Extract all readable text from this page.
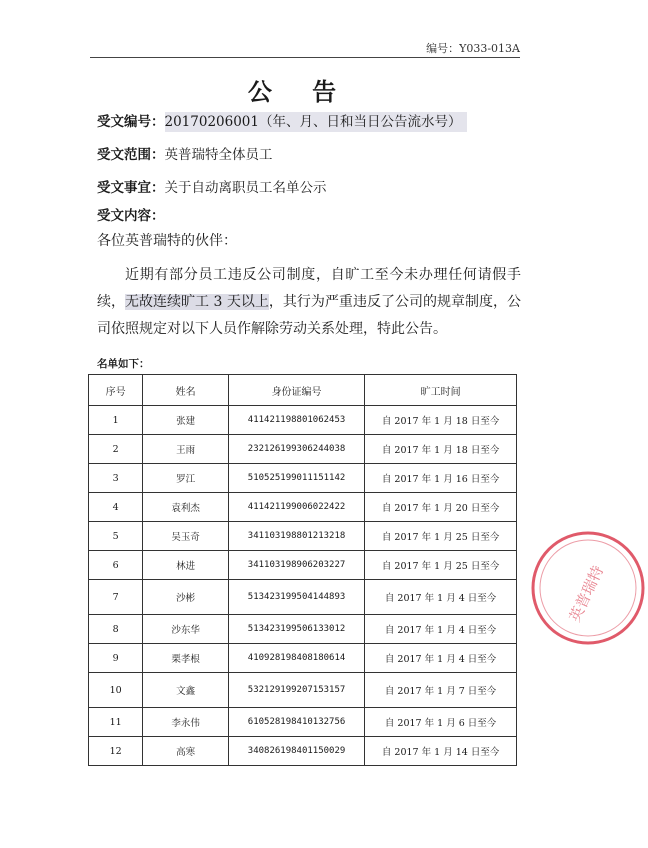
编号：Y033-013A
公 告
受文编号：20170206001（年、月、日和当日公告流水号）
受文范围：英普瑞特全体员工
受文事宜：关于自动离职员工名单公示
受文内容：
各位英普瑞特的伙伴：
近期有部分员工违反公司制度，自旷工至今未办理任何请假手续，无故连续旷工 3 天以上，其行为严重违反了公司的规章制度，公司依照规定对以下人员作解除劳动关系处理，特此公告。
名单如下：
序号	姓名	身份证编号	旷工时间
1	张建	411421198801062453	自 2017 年 1 月 18 日至今
2	王雨	232126199306244038	自 2017 年 1 月 18 日至今
3	罗江	510525199011151142	自 2017 年 1 月 16 日至今
4	袁利杰	411421199006022422	自 2017 年 1 月 20 日至今
5	吴玉奇	341103198801213218	自 2017 年 1 月 25 日至今
6	林进	341103198906203227	自 2017 年 1 月 25 日至今
7	沙彬	513423199504144893	自 2017 年 1 月 4 日至今
8	沙东华	513423199506133012	自 2017 年 1 月 4 日至今
9	栗孝根	410928198408180614	自 2017 年 1 月 4 日至今
10	文鑫	532129199207153157	自 2017 年 1 月 7 日至今
11	李永伟	610528198410132756	自 2017 年 1 月 6 日至今
12	高寒	340826198401150029	自 2017 年 1 月 14 日至今
英普瑞特
